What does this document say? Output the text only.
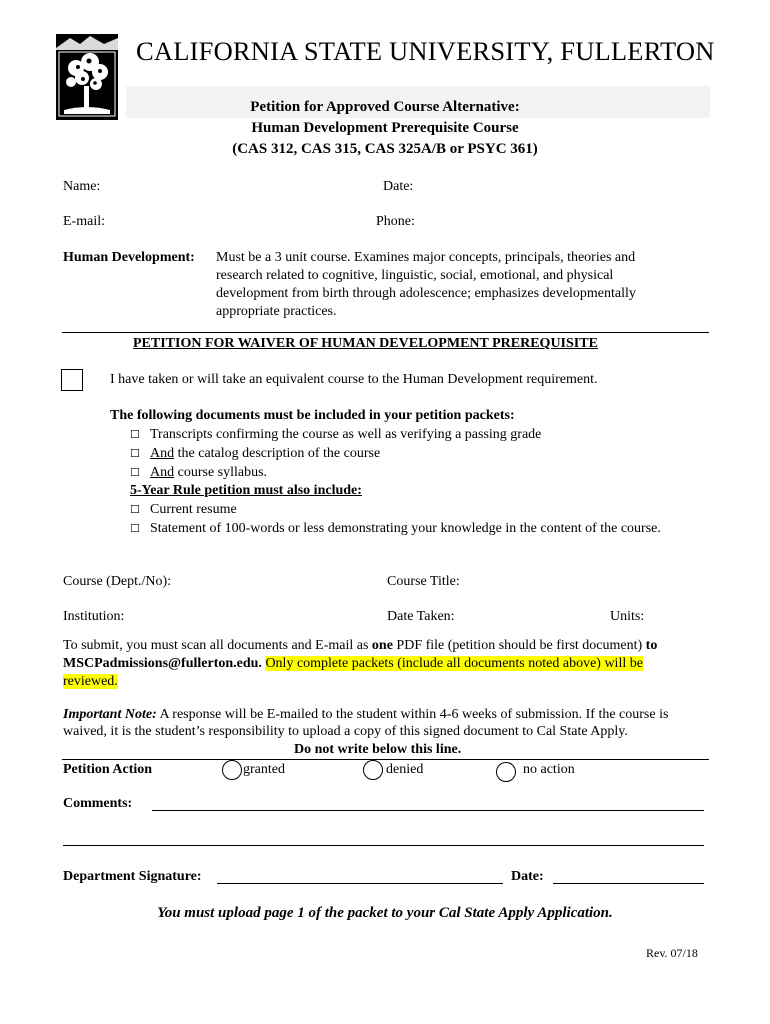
CALIFORNIA STATE UNIVERSITY, FULLERTON
Petition for Approved Course Alternative:
Human Development Prerequisite Course
(CAS 312, CAS 315, CAS 325A/B or PSYC 361)
Name:	Date:
E-mail:	Phone:
Human Development: Must be a 3 unit course. Examines major concepts, principals, theories and
research related to cognitive, linguistic, social, emotional, and physical
development from birth through adolescence; emphasizes developmentally
appropriate practices.
PETITION FOR WAIVER OF HUMAN DEVELOPMENT PREREQUISITE
I have taken or will take an equivalent course to the Human Development requirement.
The following documents must be included in your petition packets:
☐ Transcripts confirming the course as well as verifying a passing grade
☐ And the catalog description of the course
☐ And course syllabus.
5-Year Rule petition must also include:
☐ Current resume
☐ Statement of 100-words or less demonstrating your knowledge in the content of the course.
Course (Dept./No):	Course Title:
Institution:	Date Taken:	Units:
To submit, you must scan all documents and E-mail as one PDF file (petition should be first document) to
MSCPadmissions@fullerton.edu. Only complete packets (include all documents noted above) will be
reviewed.
Important Note: A response will be E-mailed to the student within 4-6 weeks of submission. If the course is
waived, it is the student’s responsibility to upload a copy of this signed document to Cal State Apply.
Do not write below this line.
Petition Action	granted	denied	no action
Comments:
Department Signature:	Date:
You must upload page 1 of the packet to your Cal State Apply Application.
Rev. 07/18
